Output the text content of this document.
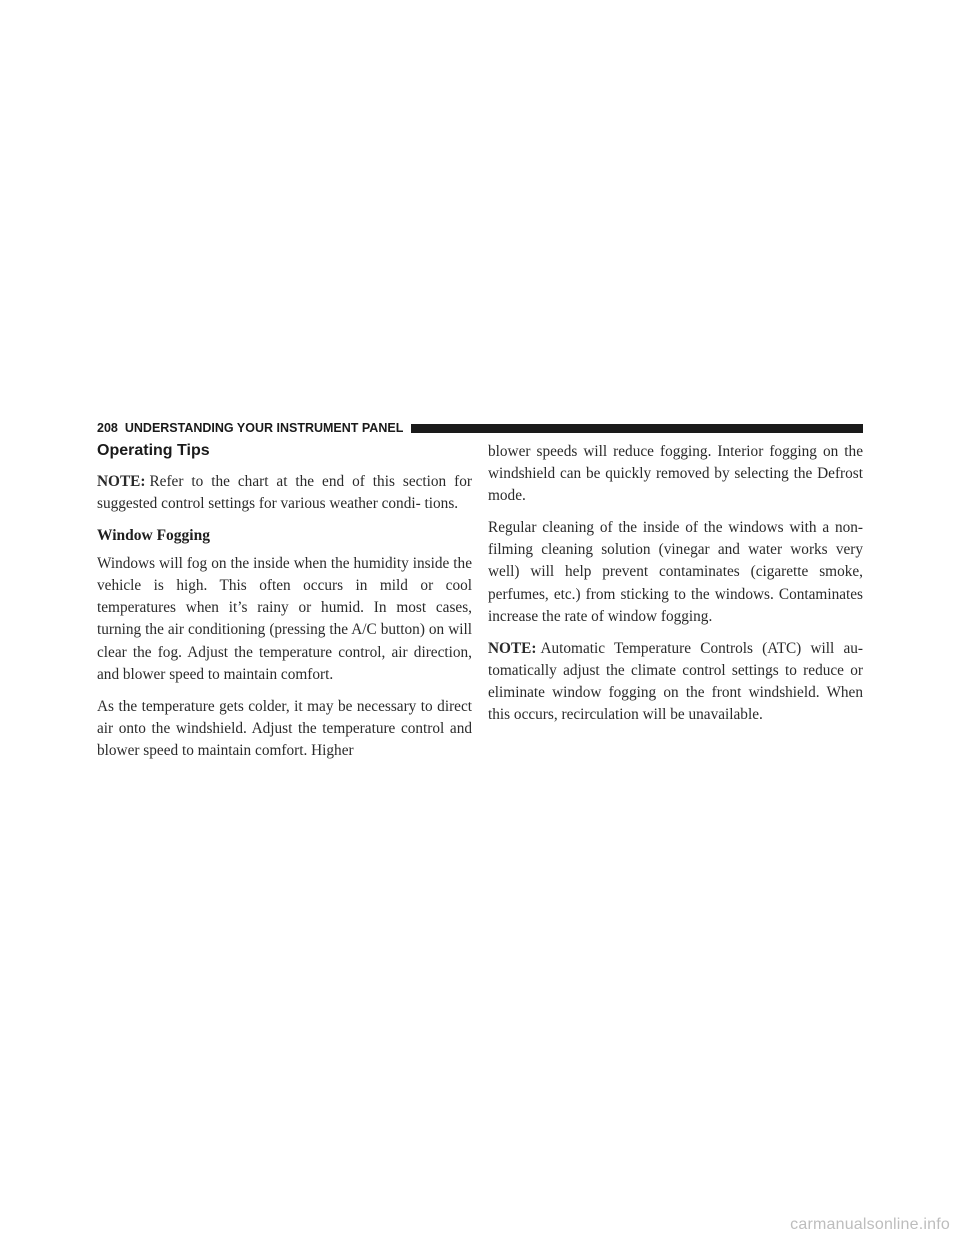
208 UNDERSTANDING YOUR INSTRUMENT PANEL
Operating Tips

NOTE: Refer to the chart at the end of this section for suggested control settings for various weather condi- tions.

Window Fogging

Windows will fog on the inside when the humidity inside the vehicle is high. This often occurs in mild or cool temperatures when it’s rainy or humid. In most cases, turning the air conditioning (pressing the A/C button) on will clear the fog. Adjust the temperature control, air direction, and blower speed to maintain comfort.

As the temperature gets colder, it may be necessary to direct air onto the windshield. Adjust the temperature control and blower speed to maintain comfort. Higher

blower speeds will reduce fogging. Interior fogging on the windshield can be quickly removed by selecting the Defrost mode.

Regular cleaning of the inside of the windows with a non-filming cleaning solution (vinegar and water works very well) will help prevent contaminates (cigarette smoke, perfumes, etc.) from sticking to the windows. Contaminates increase the rate of window fogging.

NOTE: Automatic Temperature Controls (ATC) will au- tomatically adjust the climate control settings to reduce or eliminate window fogging on the front windshield. When this occurs, recirculation will be unavailable.

carmanualsonline.info
